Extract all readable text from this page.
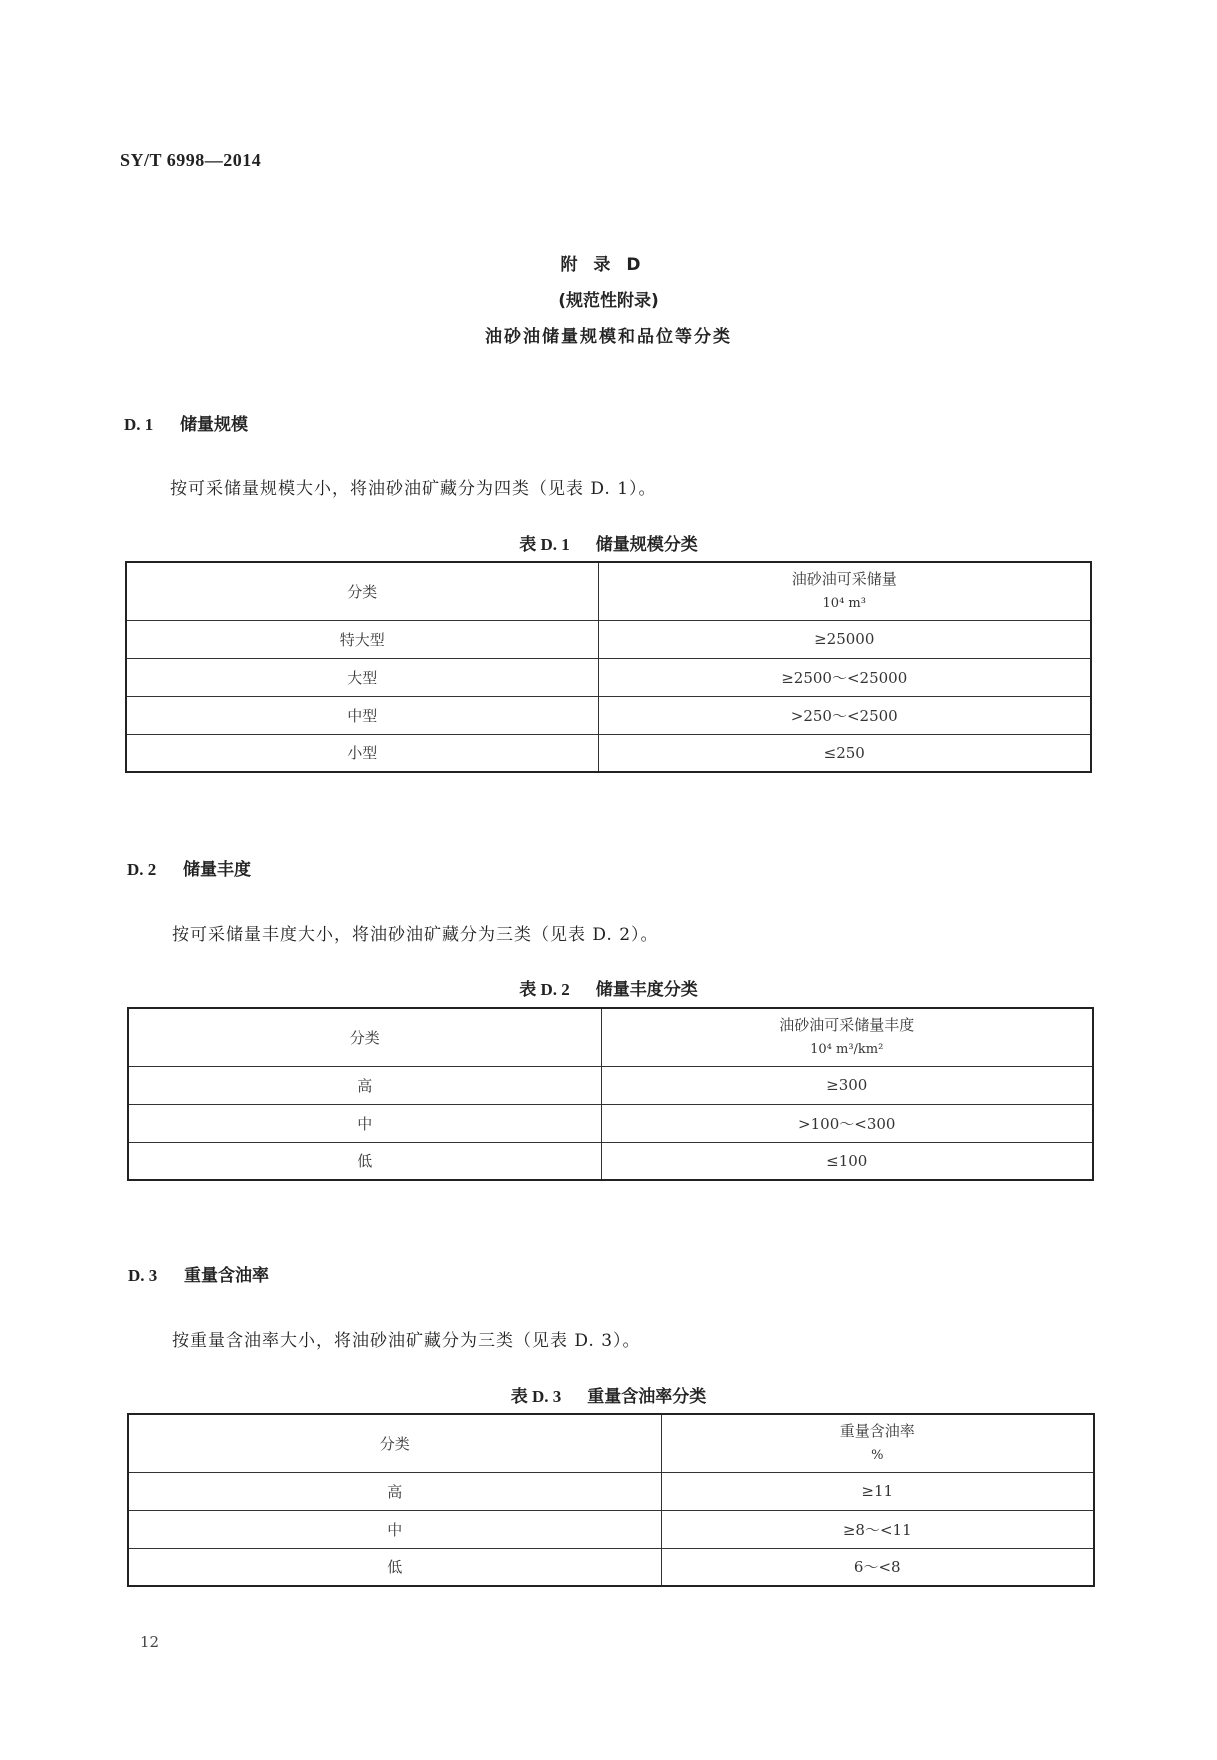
SY/T 6998—2014
附录D
(规范性附录)
油砂油储量规模和品位等分类
D. 1 储量规模
按可采储量规模大小，将油砂油矿藏分为四类（见表 D. 1）。
表 D. 1 储量规模分类
分类	油砂油可采储量
10⁴ m³

特大型	≥25000
大型	≥2500～<25000
中型	>250～<2500
小型	≤250
D. 2 储量丰度
按可采储量丰度大小，将油砂油矿藏分为三类（见表 D. 2）。
表 D. 2 储量丰度分类
分类	油砂油可采储量丰度
10⁴ m³/km²

高	≥300
中	>100～<300
低	≤100
D. 3 重量含油率
按重量含油率大小，将油砂油矿藏分为三类（见表 D. 3）。
表 D. 3 重量含油率分类
分类	重量含油率
%

高	≥11
中	≥8～<11
低	6～<8
12
